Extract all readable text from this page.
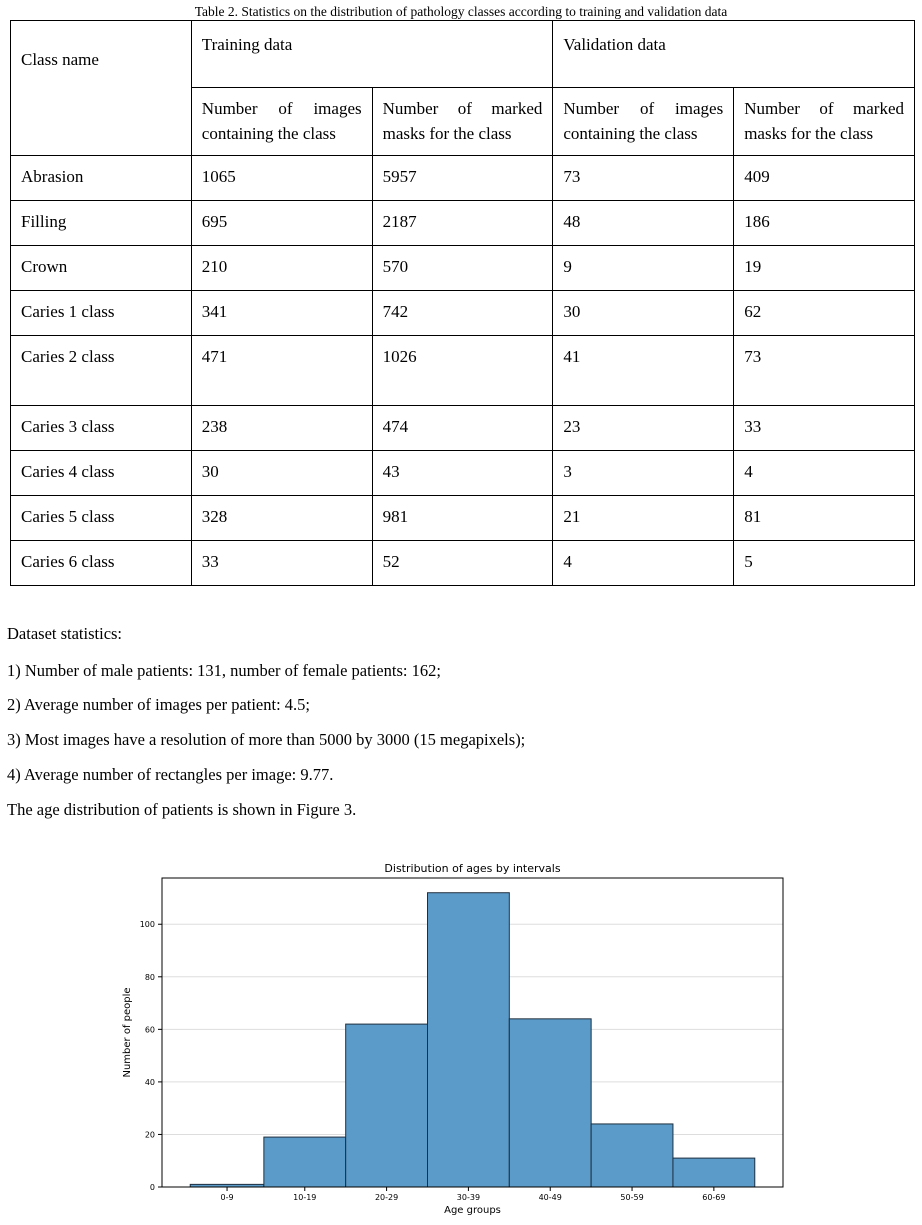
Table 2. Statistics on the distribution of pathology classes according to training and validation data
Class name	Training data		Validation data	
	Number of images containing the class	Number of marked masks for the class	Number of images containing the class	Number of marked masks for the class
Abrasion	1065	5957	73	409
Filling	695	2187	48	186
Crown	210	570	9	19
Caries 1 class	341	742	30	62
Caries 2 class	471	1026	41	73
Caries 3 class	238	474	23	33
Caries 4 class	30	43	3	4
Caries 5 class	328	981	21	81
Caries 6 class	33	52	4	5
Dataset statistics:
1) Number of male patients: 131, number of female patients: 162;
2) Average number of images per patient: 4.5;
3) Most images have a resolution of more than 5000 by 3000 (15 megapixels);
4) Average number of rectangles per image: 9.77.
The age distribution of patients is shown in Figure 3.
0
20
40
60
80
100
0-9	10-19	20-29	30-39	40-49	50-59	60-69
Distribution of ages by intervals
Age groups
Number of people
